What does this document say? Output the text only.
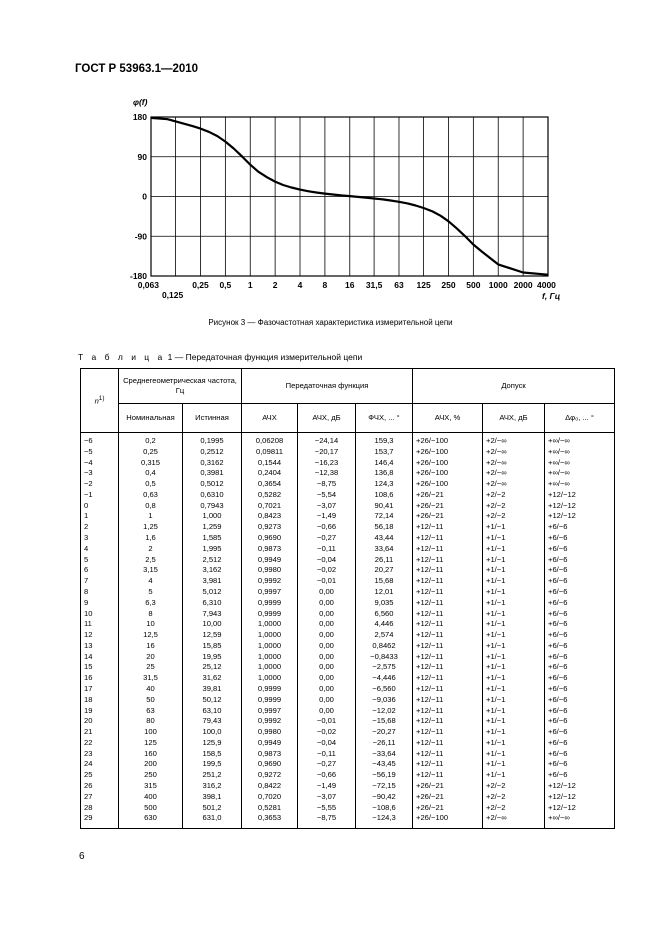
ГОСТ Р 53963.1—2010
180
90
0
-90
-180
φ(f)
0,063
0,125
0,25 0,5 1 2 4 8 16 31,5 63 125 250 500 1000 2000 4000
f, Гц
Рисунок 3 — Фазочастотная характеристика измерительной цепи
Т а б л и ц а 1 — Передаточная функция измерительной цепи
$n^{1)}$	Среднегеометрическая частота, Гц		Передаточная функция			Допуск		
	Номинальная	Истинная	АЧХ	АЧХ, дБ	ФЧХ, ... °	АЧХ, %	АЧХ, дБ	Δφ₀, ... °
−6	0,2	0,1995	0,06208	−24,14	159,3	+26/−100	+2/−∞	+∞/−∞
−5	0,25	0,2512	0,09811	−20,17	153,7	+26/−100	+2/−∞	+∞/−∞
−4	0,315	0,3162	0,1544	−16,23	146,4	+26/−100	+2/−∞	+∞/−∞
−3	0,4	0,3981	0,2404	−12,38	136,8	+26/−100	+2/−∞	+∞/−∞
−2	0,5	0,5012	0,3654	−8,75	124,3	+26/−100	+2/−∞	+∞/−∞
−1	0,63	0,6310	0,5282	−5,54	108,6	+26/−21	+2/−2	+12/−12
0	0,8	0,7943	0,7021	−3,07	90,41	+26/−21	+2/−2	+12/−12
1	1	1,000	0,8423	−1,49	72,14	+26/−21	+2/−2	+12/−12
2	1,25	1,259	0,9273	−0,66	56,18	+12/−11	+1/−1	+6/−6
3	1,6	1,585	0,9690	−0,27	43,44	+12/−11	+1/−1	+6/−6
4	2	1,995	0,9873	−0,11	33,64	+12/−11	+1/−1	+6/−6
5	2,5	2,512	0,9949	−0,04	26,11	+12/−11	+1/−1	+6/−6
6	3,15	3,162	0,9980	−0,02	20,27	+12/−11	+1/−1	+6/−6
7	4	3,981	0,9992	−0,01	15,68	+12/−11	+1/−1	+6/−6
8	5	5,012	0,9997	0,00	12,01	+12/−11	+1/−1	+6/−6
9	6,3	6,310	0,9999	0,00	9,035	+12/−11	+1/−1	+6/−6
10	8	7,943	0,9999	0,00	6,560	+12/−11	+1/−1	+6/−6
11	10	10,00	1,0000	0,00	4,446	+12/−11	+1/−1	+6/−6
12	12,5	12,59	1,0000	0,00	2,574	+12/−11	+1/−1	+6/−6
13	16	15,85	1,0000	0,00	0,8462	+12/−11	+1/−1	+6/−6
14	20	19,95	1,0000	0,00	−0,8433	+12/−11	+1/−1	+6/−6
15	25	25,12	1,0000	0,00	−2,575	+12/−11	+1/−1	+6/−6
16	31,5	31,62	1,0000	0,00	−4,446	+12/−11	+1/−1	+6/−6
17	40	39,81	0,9999	0,00	−6,560	+12/−11	+1/−1	+6/−6
18	50	50,12	0,9999	0,00	−9,036	+12/−11	+1/−1	+6/−6
19	63	63,10	0,9997	0,00	−12,02	+12/−11	+1/−1	+6/−6
20	80	79,43	0,9992	−0,01	−15,68	+12/−11	+1/−1	+6/−6
21	100	100,0	0,9980	−0,02	−20,27	+12/−11	+1/−1	+6/−6
22	125	125,9	0,9949	−0,04	−26,11	+12/−11	+1/−1	+6/−6
23	160	158,5	0,9873	−0,11	−33,64	+12/−11	+1/−1	+6/−6
24	200	199,5	0,9690	−0,27	−43,45	+12/−11	+1/−1	+6/−6
25	250	251,2	0,9272	−0,66	−56,19	+12/−11	+1/−1	+6/−6
26	315	316,2	0,8422	−1,49	−72,15	+26/−21	+2/−2	+12/−12
27	400	398,1	0,7020	−3,07	−90,42	+26/−21	+2/−2	+12/−12
28	500	501,2	0,5281	−5,55	−108,6	+26/−21	+2/−2	+12/−12
29	630	631,0	0,3653	−8,75	−124,3	+26/−100	+2/−∞	+∞/−∞
6
